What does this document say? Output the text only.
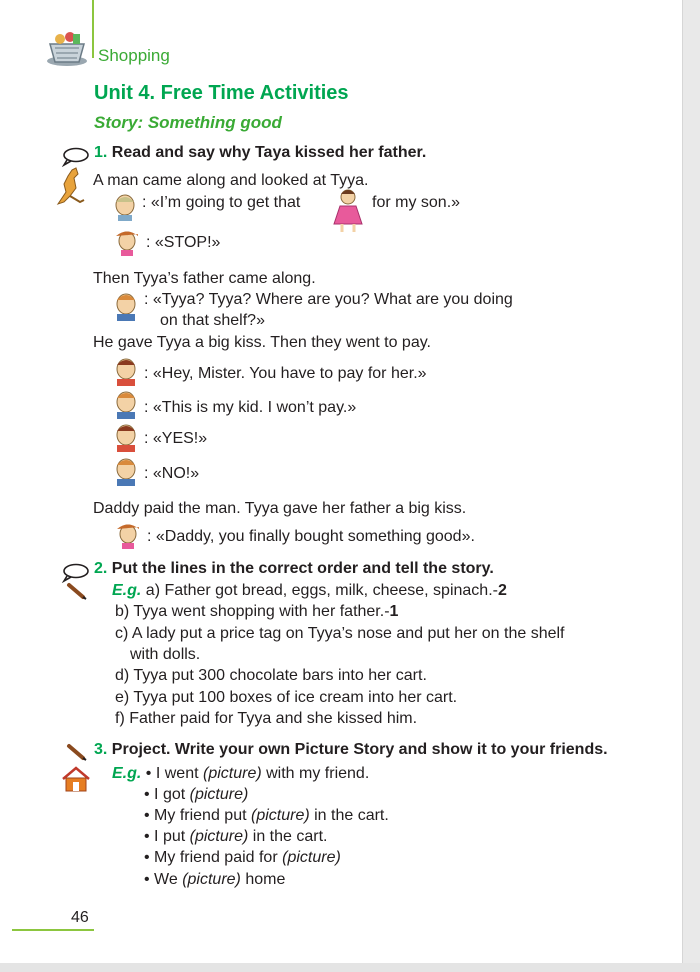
Shopping
Unit 4. Free Time Activities
Story: Something good
1. Read and say why Taya kissed her father.
A man came along and looked at Tyya.
: «I’m going to get that	for my son.»
: «STOP!»
Then Tyya’s father came along.
: «Tyya? Tyya? Where are you? What are you doing
on that shelf?»
He gave Tyya a big kiss. Then they went to pay.
: «Hey, Mister. You have to pay for her.»
: «This is my kid. I won’t pay.»
: «YES!»
: «NO!»
Daddy paid the man. Tyya gave her father a big kiss.
: «Daddy, you finally bought something good».
2. Put the lines in the correct order and tell the story.
E.g. a) Father got bread, eggs, milk, cheese, spinach.-2
b) Tyya went shopping with her father.-1
c) A lady put a price tag on Tyya’s nose and put her on the shelf
with dolls.
d) Tyya put 300 chocolate bars into her cart.
e) Tyya put 100 boxes of ice cream into her cart.
f) Father paid for Tyya and she kissed him.
3. Project. Write your own Picture Story and show it to your friends.
E.g. • I went (picture) with my friend.
• I got (picture)
• My friend put (picture) in the cart.
• I put (picture) in the cart.
• My friend paid for (picture)
• We (picture) home
46
